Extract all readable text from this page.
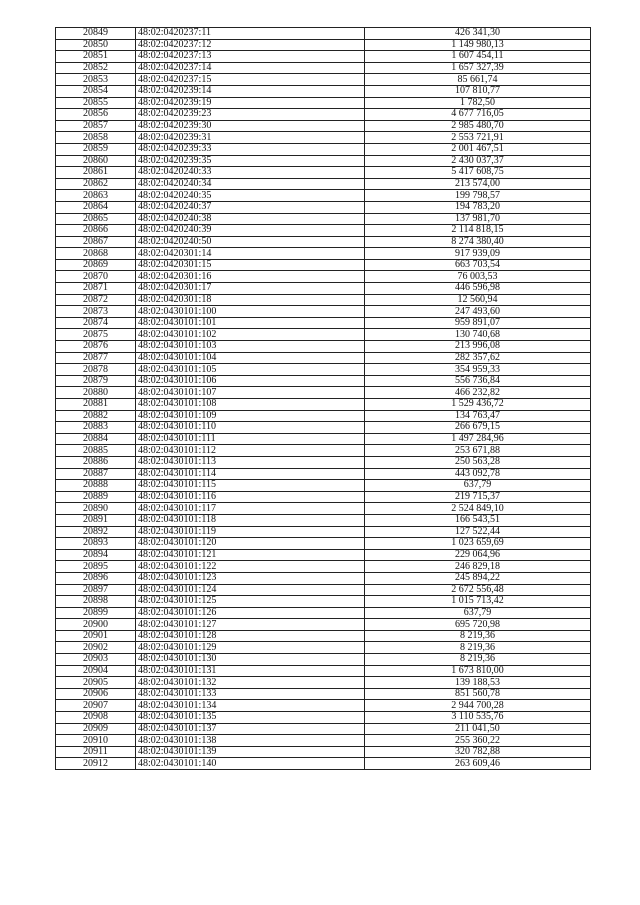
20849	48:02:0420237:11	426 341,30
20850	48:02:0420237:12	1 149 980,13
20851	48:02:0420237:13	1 607 454,11
20852	48:02:0420237:14	1 657 327,39
20853	48:02:0420237:15	85 661,74
20854	48:02:0420239:14	107 810,77
20855	48:02:0420239:19	1 782,50
20856	48:02:0420239:23	4 677 716,05
20857	48:02:0420239:30	2 985 480,70
20858	48:02:0420239:31	2 553 721,91
20859	48:02:0420239:33	2 001 467,51
20860	48:02:0420239:35	2 430 037,37
20861	48:02:0420240:33	5 417 608,75
20862	48:02:0420240:34	213 574,00
20863	48:02:0420240:35	199 798,57
20864	48:02:0420240:37	194 783,20
20865	48:02:0420240:38	137 981,70
20866	48:02:0420240:39	2 114 818,15
20867	48:02:0420240:50	8 274 380,40
20868	48:02:0420301:14	917 939,09
20869	48:02:0420301:15	663 703,54
20870	48:02:0420301:16	76 003,53
20871	48:02:0420301:17	446 596,98
20872	48:02:0420301:18	12 560,94
20873	48:02:0430101:100	247 493,60
20874	48:02:0430101:101	959 891,07
20875	48:02:0430101:102	130 740,68
20876	48:02:0430101:103	213 996,08
20877	48:02:0430101:104	282 357,62
20878	48:02:0430101:105	354 959,33
20879	48:02:0430101:106	556 736,84
20880	48:02:0430101:107	466 232,82
20881	48:02:0430101:108	1 529 436,72
20882	48:02:0430101:109	134 763,47
20883	48:02:0430101:110	266 679,15
20884	48:02:0430101:111	1 497 284,96
20885	48:02:0430101:112	253 671,88
20886	48:02:0430101:113	250 563,28
20887	48:02:0430101:114	443 092,78
20888	48:02:0430101:115	637,79
20889	48:02:0430101:116	219 715,37
20890	48:02:0430101:117	2 524 849,10
20891	48:02:0430101:118	166 543,51
20892	48:02:0430101:119	127 522,44
20893	48:02:0430101:120	1 023 659,69
20894	48:02:0430101:121	229 064,96
20895	48:02:0430101:122	246 829,18
20896	48:02:0430101:123	245 894,22
20897	48:02:0430101:124	2 672 556,48
20898	48:02:0430101:125	1 015 713,42
20899	48:02:0430101:126	637,79
20900	48:02:0430101:127	695 720,98
20901	48:02:0430101:128	8 219,36
20902	48:02:0430101:129	8 219,36
20903	48:02:0430101:130	8 219,36
20904	48:02:0430101:131	1 673 810,00
20905	48:02:0430101:132	139 188,53
20906	48:02:0430101:133	851 560,78
20907	48:02:0430101:134	2 944 700,28
20908	48:02:0430101:135	3 110 535,76
20909	48:02:0430101:137	211 041,50
20910	48:02:0430101:138	255 360,22
20911	48:02:0430101:139	320 782,88
20912	48:02:0430101:140	263 609,46
